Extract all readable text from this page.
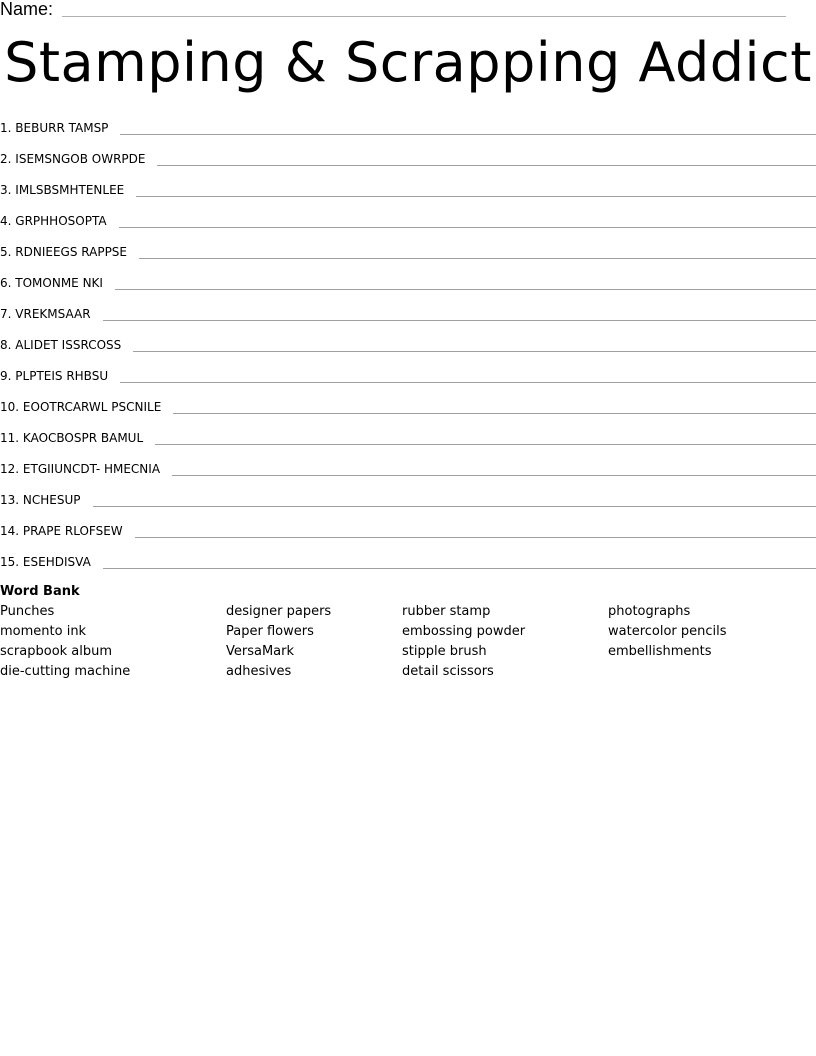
Name:
Stamping & Scrapping Addict
1. BEBURR TAMSP
2. ISEMSNGOB OWRPDE
3. IMLSBSMHTENLEE
4. GRPHHOSOPTA
5. RDNIEEGS RAPPSE
6. TOMONME NKI
7. VREKMSAAR
8. ALIDET ISSRCOSS
9. PLPTEIS RHBSU
10. EOOTRCARWL PSCNILE
11. KAOCBOSPR BAMUL
12. ETGIIUNCDT- HMECNIA
13. NCHESUP
14. PRAPE RLOFSEW
15. ESEHDISVA
Word Bank
Punches
momento ink
scrapbook album
die-cutting machine
designer papers
Paper flowers
VersaMark
adhesives
rubber stamp
embossing powder
stipple brush
detail scissors
photographs
watercolor pencils
embellishments
